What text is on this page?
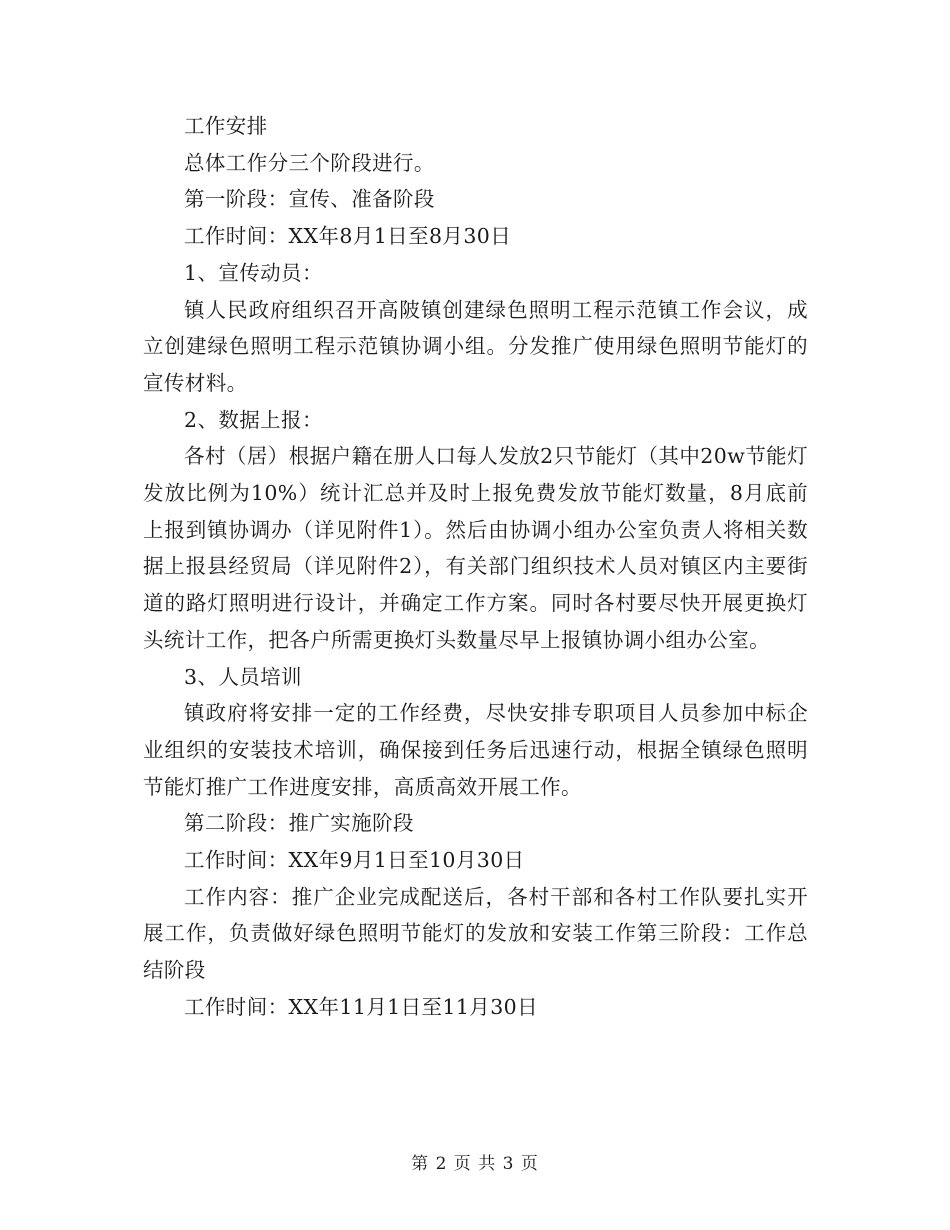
工作安排

总体工作分三个阶段进行。

第一阶段：宣传、准备阶段

工作时间：XX年8月1日至8月30日

1、宣传动员：

镇人民政府组织召开高陂镇创建绿色照明工程示范镇工作会议，成立创建绿色照明工程示范镇协调小组。分发推广使用绿色照明节能灯的宣传材料。

2、数据上报：

各村（居）根据户籍在册人口每人发放2只节能灯（其中20w节能灯发放比例为10%）统计汇总并及时上报免费发放节能灯数量，8月底前上报到镇协调办（详见附件1）。然后由协调小组办公室负责人将相关数据上报县经贸局（详见附件2），有关部门组织技术人员对镇区内主要街道的路灯照明进行设计，并确定工作方案。同时各村要尽快开展更换灯头统计工作，把各户所需更换灯头数量尽早上报镇协调小组办公室。

3、人员培训

镇政府将安排一定的工作经费，尽快安排专职项目人员参加中标企业组织的安装技术培训，确保接到任务后迅速行动，根据全镇绿色照明节能灯推广工作进度安排，高质高效开展工作。

第二阶段：推广实施阶段

工作时间：XX年9月1日至10月30日

工作内容：推广企业完成配送后，各村干部和各村工作队要扎实开展工作，负责做好绿色照明节能灯的发放和安装工作第三阶段：工作总结阶段

工作时间：XX年11月1日至11月30日

第 2 页 共 3 页
